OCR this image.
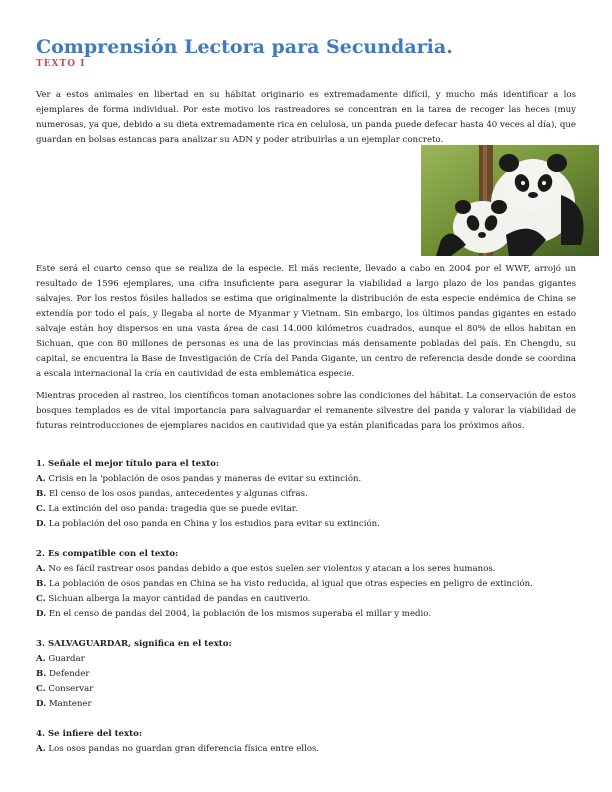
Comprensión Lectora para Secundaria.
TEXTO I

Ver a estos animales en libertad en su hábitat originario es extremadamente difícil, y mucho más identificar a los ejemplares de forma individual. Por este motivo los rastreadores se concentran en la tarea de recoger las heces (muy numerosas, ya que, debido a su dieta extremadamente rica en celulosa, un panda puede defecar hasta 40 veces al día), que guardan en bolsas estancas para analizar su ADN y poder atribuirlas a un ejemplar concreto.

Este será el cuarto censo que se realiza de la especie. El más reciente, llevado a cabo en 2004 por el WWF, arrojó un resultado de 1596 ejemplares, una cifra insuficiente para asegurar la viabilidad a largo plazo de los pandas gigantes salvajes. Por los restos fósiles hallados se estima que originalmente la distribución de esta especie endémica de China se extendía por todo el país, y llegaba al norte de Myanmar y Vietnam. Sin embargo, los últimos pandas gigantes en estado salvaje están hoy dispersos en una vasta área de casi 14.000 kilómetros cuadrados, aunque el 80% de ellos habitan en Sichuan, que con 80 millones de personas es una de las provincias más densamente pobladas del país. En Chengdu, su capital, se encuentra la Base de Investigación de Cría del Panda Gigante, un centro de referencia desde donde se coordina a escala internacional la cría en cautividad de esta emblemática especie.

Mientras proceden al rastreo, los científicos toman anotaciones sobre las condiciones del hábitat. La conservación de estos bosques templados es de vital importancia para salvaguardar el remanente silvestre del panda y valorar la viabilidad de futuras reintroducciones de ejemplares nacidos en cautividad que ya están planificadas para los próximos años.

1. Señale el mejor título para el texto:
A. Crisis en la 'población de osos pandas y maneras de evitar su extinción.
B. El censo de los osos pandas, antecedentes y algunas cifras.
C. La extinción del oso panda: tragedia que se puede evitar.
D. La población del oso panda en China y los estudios para evitar su extinción.
2. Es compatible con el texto:
A. No es fácil rastrear osos pandas debido a que estos suelen ser violentos y atacan a los seres humanos.
B. La población de osos pandas en China se ha visto reducida, al igual que otras especies en peligro de extinción.
C. Sichuan alberga la mayor cantidad de pandas en cautiverio.
D. En el censo de pandas del 2004, la población de los mismos superaba el millar y medio.
3. SALVAGUARDAR, significa en el texto:
A. Guardar
B. Defender
C. Conservar
D. Mantener
4. Se infiere del texto:
A. Los osos pandas no guardan gran diferencia física entre ellos.
